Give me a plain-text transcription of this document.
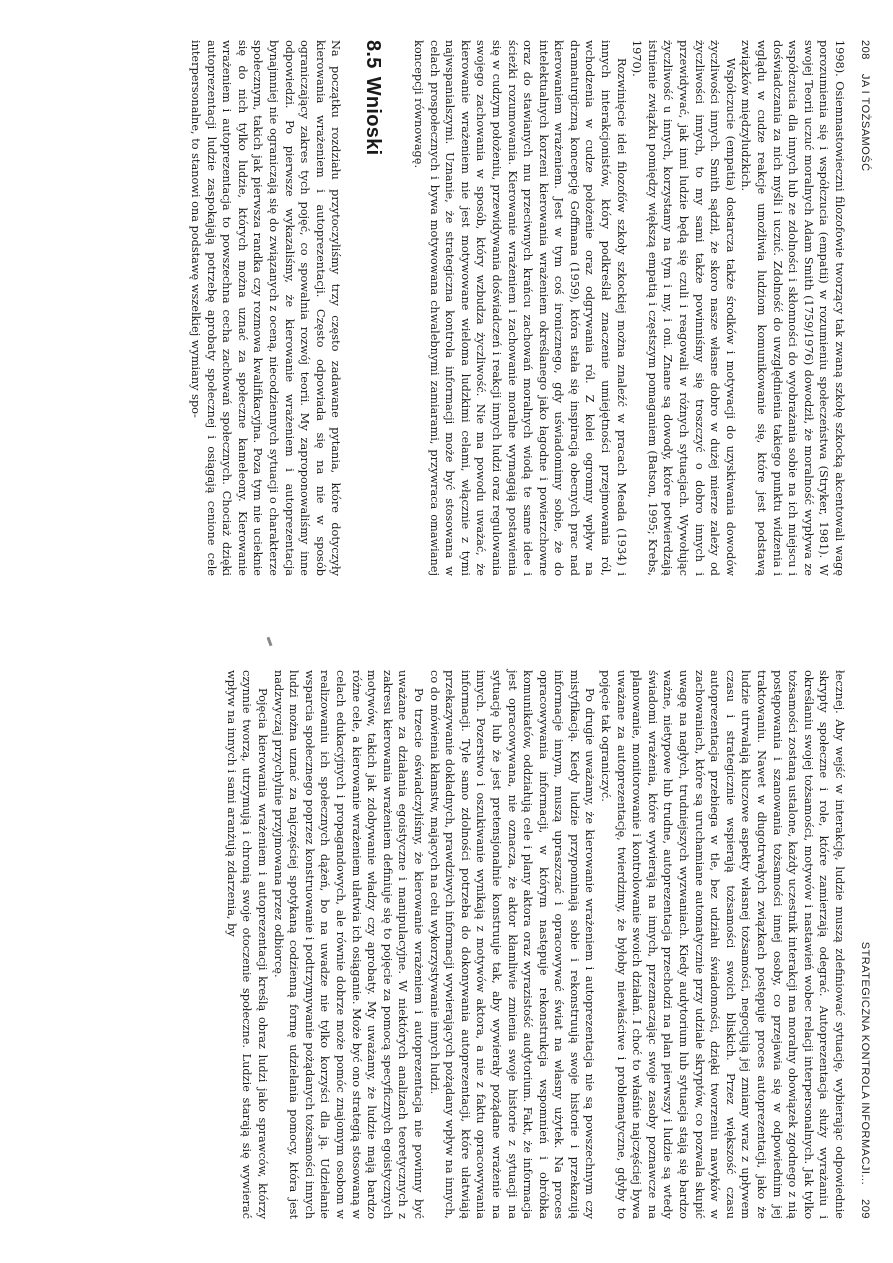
208
JA I TOŻSAMOŚĆ

1998). Osiemnastowieczni filozofowie tworzący tak zwaną szkołę szkocką akcentowali wagę porozumienia się i współczucia (empatii) w rozumieniu społeczeństwa (Stryker, 1981). W swojej Teorii uczuć moralnych Adam Smith (1759/1976) dowodził, że moralność wypływa ze współczucia dla innych lub ze zdolności i skłonności do wyobrażania sobie na ich miejscu i doświadczania za nich myśli i uczuć. Zdolność do uwzględnienia takiego punktu widzenia i wglądu w cudze reakcje umożliwia ludziom komunikowanie się, które jest podstawą związków międzyludzkich.

Współczucie (empatia) dostarcza także środków i motywacji do uzyskiwania dowodów życzliwości innych. Smith sądził, że skoro nasze własne dobro w dużej mierze zależy od życzliwości innych, to my sami także powinniśmy się troszczyć o dobro innych i przewidywać, jak inni ludzie będą się czuli i reagowali w różnych sytuacjach. Wywołując życzliwość u innych, korzystamy na tym i my, i oni. Znane są dowody, które potwierdzają istnienie związku pomiędzy większą empatią i częstszym pomaganiem (Batson, 1995; Krebs, 1970).

Rozwinięcie idei filozofów szkoły szkockiej można znaleźć w pracach Meada (1934) i innych interakcjonistów, który podkreślał znaczenie umiejętności przejmowania ról, wchodzenia w cudze położenie oraz odgrywania ról. Z kolei ogromny wpływ na dramaturgiczną koncepcję Goffmana (1959), która stała się inspiracją obecnych prac nad kierowaniem wrażeniem. Jest w tym coś ironicznego, gdy uświadomimy sobie, że do intelektualnych korzeni kierowania wrażeniem określanego jako łagodne i powierzchowne oraz do stawianych mu przeciwnych krańcu zachowań moralnych wiodą te same idee i ścieżki rozumowania. Kierowanie wrażeniem i zachowanie moralne wymagają postawienia się w cudzym położeniu, przewidywania doświadczeń i reakcji innych ludzi oraz regulowania swojego zachowania w sposób, który wzbudza życzliwość. Nie ma powodu uważać, że kierowanie wrażeniem nie jest motywowane wieloma ludzkimi celami, włącznie z tymi najwspanialszymi. Uznanie, że strategiczna kontrola informacji może być stosowana w celach prospołecznych i bywa motywowana chwalebnymi zamiarami, przywraca omawianej koncepcji równowagę.

8.5Wnioski

Na początku rozdziału przytoczyliśmy trzy często zadawane pytania, które dotyczyły kierowania wrażeniem i autoprezentacji. Często odpowiada się na nie w sposób ograniczający zakres tych pojęć, co spowalnia rozwój teorii. My zaproponowaliśmy inne odpowiedzi. Po pierwsze wykazaliśmy, że kierowanie wrażeniem i autoprezentacja bynajmniej nie ograniczają się do związanych z oceną, niecodziennych sytuacji o charakterze społecznym, takich jak pierwsza randka czy rozmowa kwalifikacyjna. Poza tym nie ucieknie się do nich tylko ludzie, których można uznać za społeczne kameleony. Kierowanie wrażeniem i autoprezentacja to powszechna cecha zachowań społecznych. Chociaż dzięki autoprezentacji ludzie zaspokajają potrzebę aprobaty społecznej i osiągają cenione cele interpersonalne, to stanowi ona podstawę wszelkiej wymiany spo-

STRATEGICZNA KONTROLA INFORMACJI...
209

łecznej. Aby wejść w interakcję, ludzie muszą zdefiniować sytuację, wybierając odpowiednie skrypty społeczne i role, które zamierzają odegrać. Autoprezentacja służy wyrażaniu i określaniu swojej tożsamości, motywów i nastawień wobec relacji interpersonalnych. Jak tylko tożsamości zostaną ustalone, każdy uczestnik interakcji ma moralny obowiązek zgodnego z nią postępowania i szanowania tożsamości innej osoby, co przejawia się w odpowiednim jej traktowaniu. Nawet w długotrwałych związkach postępuje proces autoprezentacji, jako że ludzie utrwalają kluczowe aspekty własnej tożsamości, negocjują jej zmiany wraz z upływem czasu i strategicznie wspierają tożsamości swoich bliskich. Przez większość czasu autoprezentacja przebiega w tle, bez udziału świadomości, dzięki tworzeniu nawyków w zachowaniach, które są uruchamiane automatycznie przy udziale skryptów, co pozwala skupić uwagę na nagłych, trudniejszych wyzwaniach. Kiedy audytorium lub sytuacja stają się bardzo ważne, nietypowe lub trudne, autoprezentacja przechodzi na plan pierwszy i ludzie są wtedy świadomi wrażenia, które wywierają na innych, przeznaczając swoje zasoby poznawcze na planowanie, monitorowanie i kontrolowanie swoich działań. I choć to właśnie najczęściej bywa uważane za autoprezentację, twierdzimy, że byłoby niewłaściwe i problematyczne, gdyby to pojęcie tak ograniczyć.

Po drugie uważamy, że kierowanie wrażeniem i autoprezentacja nie są powszechnym czy mistyfikacją. Kiedy ludzie przypominają sobie i rekonstruują swoje historie i przekazują informacje innym, muszą upraszczać i opracowywać świat na własny użytek. Na proces opracowywania informacji, w którym następuje rekonstrukcja wspomnień i obróbka komunikatów, oddziałują cele i plany aktora oraz wyrazistość audytorium. Fakt, że informacja jest opracowywana, nie oznacza, że aktor kłamliwie zmienia swoje historie z sytuacji na sytuację lub że jest pretensjonalnie konstruuje tak, aby wywierały pożądane wrażenie na innych. Pozerstwo i oszukiwanie wynikają z motywów aktora, a nie z faktu opracowywania informacji. Tyle samo zdolności potrzeba do dokonywania autoprezentacji, które ułatwiają przekazywanie dokładnych, prawdziwych informacji wywierających pożądany wpływ na innych, co do mówienia kłamstw, mających na celu wykorzystywanie innych ludzi.

Po trzecie oświadczyliśmy, że kierowanie wrażeniem i autoprezentacja nie powinny być uważane za działania egoistyczne i manipulacyjne. W niektórych analizach teoretycznych z zakresu kierowania wrażeniem definiuje się to pojęcie za pomocą specyficznych egoistycznych motywów, takich jak zdobywanie władzy czy aprobaty. My uważamy, że ludzie mają bardzo różne cele, a kierowanie wrażeniem ułatwia ich osiąganie. Może być ono strategią stosowaną w celach edukacyjnych i propagandowych, ale równie dobrze może pomóc znajomym osobom w realizowaniu ich społecznych dążeń, bo na uwadze nie tylko korzyści dla ją. Udzielanie wsparcia społecznego poprzez konstruowanie i podtrzymywanie pożądanych tożsamości innych ludzi można uznać za najczęściej spotykaną codzienną formę udzielania pomocy, która jest nadzwyczaj przychylnie przyjmowana przez odbiorcę.

Pojęcia kierowania wrażeniem i autoprezentacji kreślą obraz ludzi jako sprawców, którzy czynnie tworzą, utrzymują i chronią swoje otoczenie społeczne. Ludzie starają się wywierać wpływ na innych i sami aranżują zdarzenia, by
